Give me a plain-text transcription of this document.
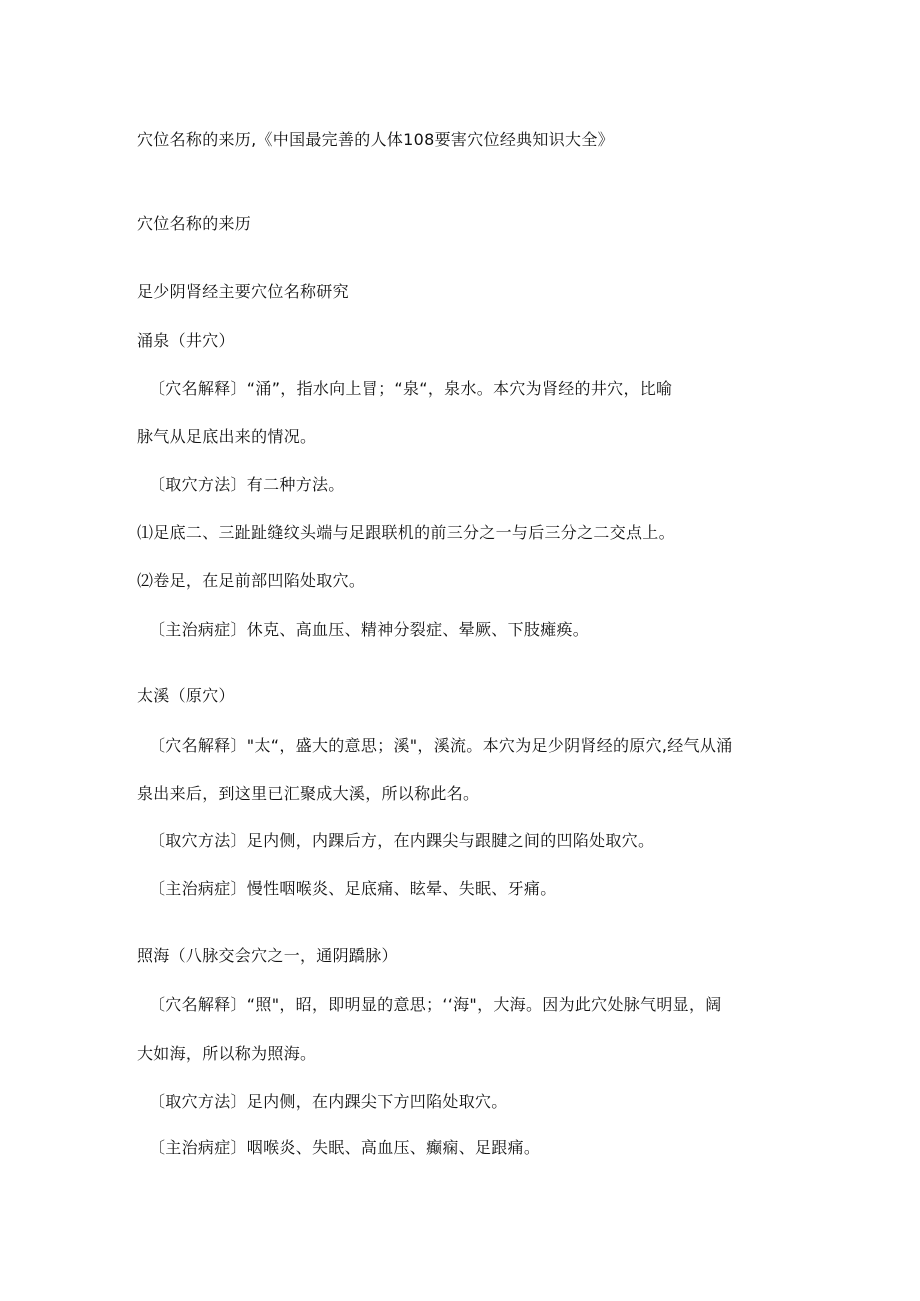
穴位名称的来历,《中国最完善的人体108要害穴位经典知识大全》
穴位名称的来历
足少阴肾经主要穴位名称研究
涌泉（井穴）
〔穴名解释〕“涌”，指水向上冒；“泉“，泉水。本穴为肾经的井穴，比喻
脉气从足底出来的情况。
〔取穴方法〕有二种方法。
⑴足底二、三趾趾缝纹头端与足跟联机的前三分之一与后三分之二交点上。
⑵卷足，在足前部凹陷处取穴。
〔主治病症〕休克、高血压、精神分裂症、晕厥、下肢瘫痪。
太溪（原穴）
〔穴名解释〕"太“，盛大的意思；溪"，溪流。本穴为足少阴肾经的原穴,经气从涌
泉出来后，到这里已汇聚成大溪，所以称此名。
〔取穴方法〕足内侧，内踝后方，在内踝尖与跟腱之间的凹陷处取穴。
〔主治病症〕慢性咽喉炎、足底痛、眩晕、失眠、牙痛。
照海（八脉交会穴之一，通阴蹻脉）
〔穴名解释〕“照"，昭，即明显的意思；‘‘海"，大海。因为此穴处脉气明显，阔
大如海，所以称为照海。
〔取穴方法〕足内侧，在内踝尖下方凹陷处取穴。
〔主治病症〕咽喉炎、失眠、高血压、癫痫、足跟痛。
